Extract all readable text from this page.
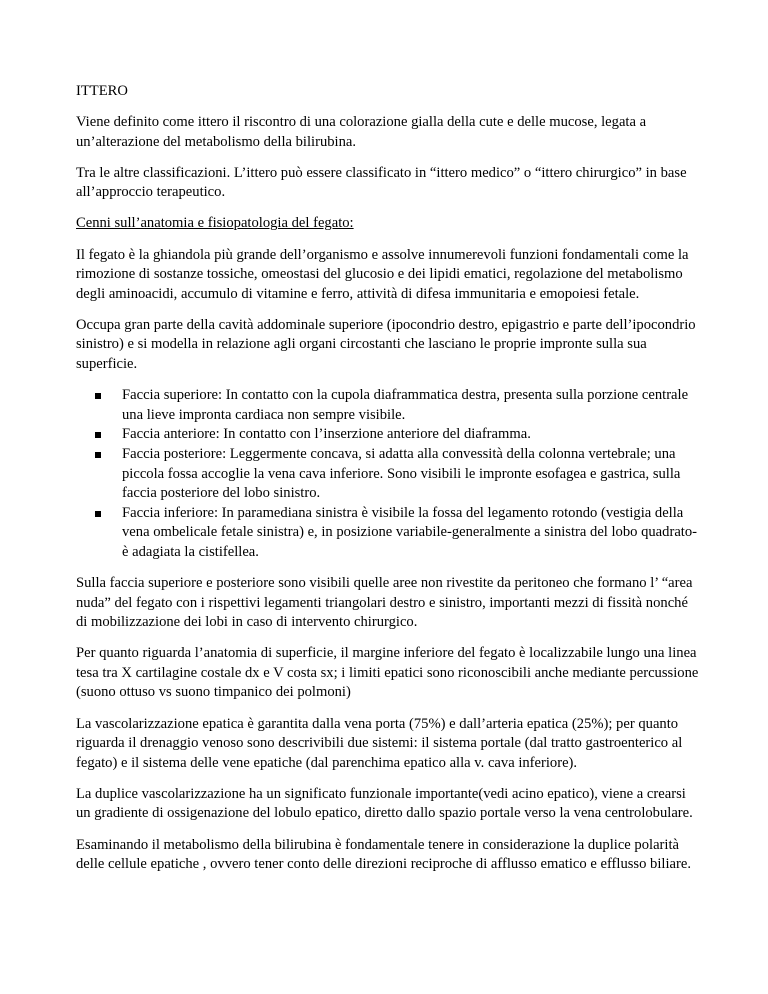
ITTERO

Viene definito come ittero il riscontro di una colorazione gialla della cute e delle mucose, legata a un’alterazione del metabolismo della bilirubina.

Tra le altre classificazioni. L’ittero può essere classificato in “ittero medico” o “ittero chirurgico” in base all’approccio terapeutico.

Cenni sull’anatomia e fisiopatologia del fegato:

Il fegato è la ghiandola più grande dell’organismo e assolve innumerevoli funzioni fondamentali come la rimozione di sostanze tossiche, omeostasi del glucosio e dei lipidi ematici, regolazione del metabolismo degli aminoacidi, accumulo di vitamine e ferro, attività di difesa immunitaria e emopoiesi fetale.

Occupa gran parte della cavità addominale superiore (ipocondrio destro, epigastrio e parte dell’ipocondrio sinistro) e si modella in relazione agli organi circostanti che lasciano le proprie impronte sulla sua superficie.

Faccia superiore: In contatto con la cupola diaframmatica destra, presenta sulla porzione centrale una lieve impronta cardiaca non sempre visibile.
Faccia anteriore: In contatto con l’inserzione anteriore del diaframma.
Faccia posteriore: Leggermente concava, si adatta alla convessità della colonna vertebrale; una piccola fossa accoglie la vena cava inferiore. Sono visibili le impronte esofagea e gastrica, sulla faccia posteriore del lobo sinistro.
Faccia inferiore: In paramediana sinistra è visibile la fossa del legamento rotondo (vestigia della vena ombelicale fetale sinistra) e, in posizione variabile-generalmente a sinistra del lobo quadrato-è adagiata la cistifellea.

Sulla faccia superiore e posteriore sono visibili quelle aree non rivestite da peritoneo che formano l’ “area nuda” del fegato con i rispettivi legamenti triangolari destro e sinistro, importanti mezzi di fissità nonché di mobilizzazione dei lobi in caso di intervento chirurgico.

Per quanto riguarda l’anatomia di superficie, il margine inferiore del fegato è localizzabile lungo una linea tesa tra X cartilagine costale dx e V costa sx; i limiti epatici sono riconoscibili anche mediante percussione (suono ottuso vs suono timpanico dei polmoni)

La vascolarizzazione epatica è garantita dalla vena porta (75%) e dall’arteria epatica (25%); per quanto riguarda il drenaggio venoso sono descrivibili due sistemi: il sistema portale (dal tratto gastroenterico al fegato) e il sistema delle vene epatiche (dal parenchima epatico alla v. cava inferiore).

La duplice vascolarizzazione ha un significato funzionale importante(vedi acino epatico), viene a crearsi un gradiente di ossigenazione del lobulo epatico, diretto dallo spazio portale verso la vena centrolobulare.

Esaminando il metabolismo della bilirubina è fondamentale tenere in considerazione la duplice polarità delle cellule epatiche , ovvero tener conto delle direzioni reciproche di afflusso ematico e efflusso biliare.
